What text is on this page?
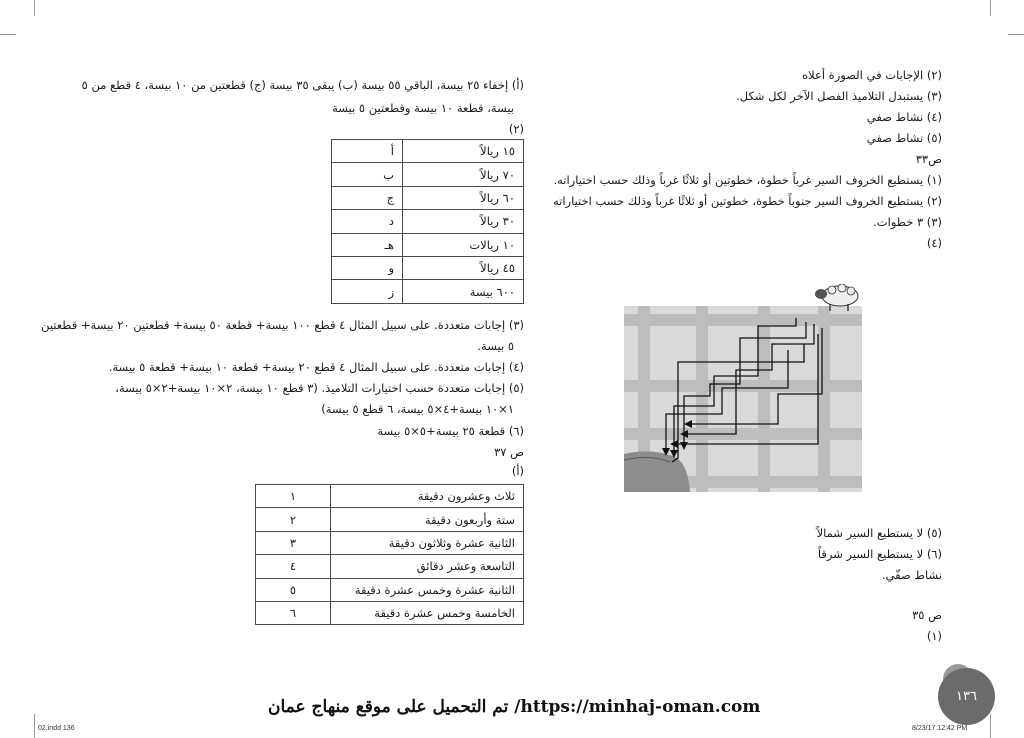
(٢) الإجابات في الصورة أعلاه
(٣) يستبدل التلاميذ الفصل الآخر لكل شكل.
(٤) نشاط صفي
(٥) نشاط صفي
ص٣٣
(١) يستطيع الخروف السير غرباً خطوة، خطوتين أو ثلاثًا غرباً وذلك حسب اختياراته.
(٢) يستطيع الخروف السير جنوباً خطوة، خطوتين أو ثلاثًا غرباً وذلك حسب اختياراته
(٣) ٣ خطوات.
(٤)
(٥) لا يستطيع السير شمالاً
(٦) لا يستطيع السير شرقاً
نشاط صفّي.
ص ٣٥
(١)
(أ) إخفاء ٢٥ بيسة، الباقي ٥٥ بيسة (ب) يبقى ٣٥ بيسة (ج) قطعتين من ١٠ بيسة، ٤ قطع من ٥
بيسة، قطعة ١٠ بيسة وقطعتين ٥ بيسة
(٢)
أ	١٥ ريالاً
ب	٧٠ ريالاً
ج	٦٠ ريالاً
د	٣٠ ريالاً
هـ	١٠ ريالات
و	٤٥ ريالاً
ز	٦٠٠ بيسة
(٣) إجابات متعددة. على سبيل المثال ٤ قطع ١٠٠ بيسة+ قطعة ٥٠ بيسة+ قطعتين ٢٠ بيسة+ قطعتين
٥ بيسة.
(٤) إجابات متعددة. على سبيل المثال ٤ قطع ٢٠ بيسة+ قطعة ١٠ بيسة+ قطعة ٥ بيسة.
(٥) إجابات متعددة حسب اختيارات التلاميذ. (٣ قطع ١٠ بيسة، ٢×١٠ بيسة+٢×٥ بيسة،
١×١٠ بيسة+٤×٥ بيسة، ٦ قطع ٥ بيسة)
(٦) قطعة ٢٥ بيسة+٥×٥ بيسة
ص ٣٧
(أ)
١	ثلاث وعشرون دقيقة
٢	ستة وأربعون دقيقة
٣	الثانية عشرة وثلاثون دقيقة
٤	التاسعة وعشر دقائق
٥	الثانية عشرة وخمس عشرة دقيقة
٦	الخامسة وخمس عشرة دقيقة
١٣٦
تم التحميل على موقع منهاج عمان /https://minhaj-oman.com
02.indd 136	8/23/17 12:42 PM
